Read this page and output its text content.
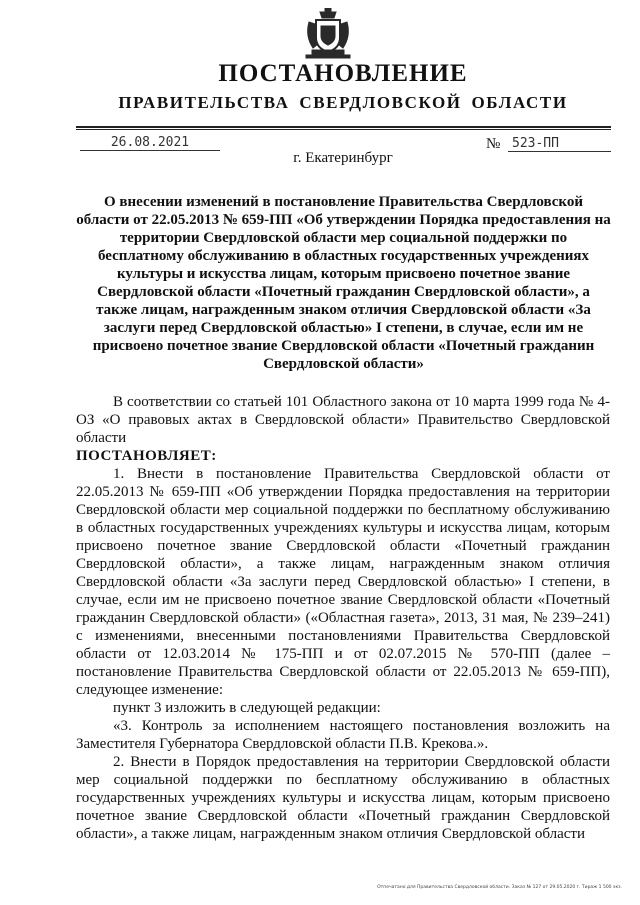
ПОСТАНОВЛЕНИЕ
ПРАВИТЕЛЬСТВА СВЕРДЛОВСКОЙ ОБЛАСТИ
26.08.2021	№ 523-ПП
г. Екатеринбург
О внесении изменений в постановление Правительства Свердловской области от 22.05.2013 № 659-ПП «Об утверждении Порядка предоставления на территории Свердловской области мер социальной поддержки по бесплатному обслуживанию в областных государственных учреждениях культуры и искусства лицам, которым присвоено почетное звание Свердловской области «Почетный гражданин Свердловской области», а также лицам, награжденным знаком отличия Свердловской области «За заслуги перед Свердловской областью» I степени, в случае, если им не присвоено почетное звание Свердловской области «Почетный гражданин Свердловской области»

В соответствии со статьей 101 Областного закона от 10 марта 1999 года № 4-ОЗ «О правовых актах в Свердловской области» Правительство Свердловской области

ПОСТАНОВЛЯЕТ:

1. Внести в постановление Правительства Свердловской области от 22.05.2013 № 659-ПП «Об утверждении Порядка предоставления на территории Свердловской области мер социальной поддержки по бесплатному обслуживанию в областных государственных учреждениях культуры и искусства лицам, которым присвоено почетное звание Свердловской области «Почетный гражданин Свердловской области», а также лицам, награжденным знаком отличия Свердловской области «За заслуги перед Свердловской областью» I степени, в случае, если им не присвоено почетное звание Свердловской области «Почетный гражданин Свердловской области» («Областная газета», 2013, 31 мая, № 239–241) с изменениями, внесенными постановлениями Правительства Свердловской области от 12.03.2014 № 175-ПП и от 02.07.2015 № 570-ПП (далее – постановление Правительства Свердловской области от 22.05.2013 № 659-ПП), следующее изменение:

пункт 3 изложить в следующей редакции:

«3. Контроль за исполнением настоящего постановления возложить на Заместителя Губернатора Свердловской области П.В. Крекова.».

2. Внести в Порядок предоставления на территории Свердловской области мер социальной поддержки по бесплатному обслуживанию в областных государственных учреждениях культуры и искусства лицам, которым присвоено почетное звание Свердловской области «Почетный гражданин Свердловской области», а также лицам, награжденным знаком отличия Свердловской области

Отпечатано для Правительства Свердловской области. Заказ № 127 от 29.05.2020 г. Тираж 1 500 экз.
